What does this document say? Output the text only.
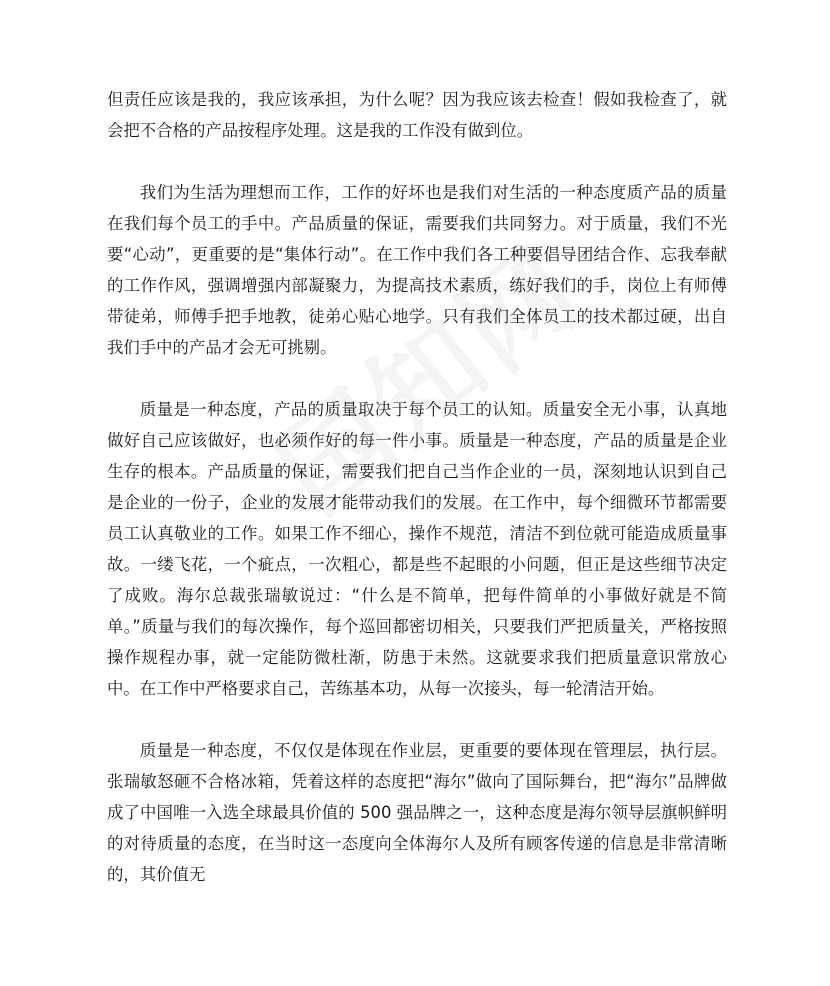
但责任应该是我的，我应该承担，为什么呢？因为我应该去检查！假如我检查了，就会把不合格的产品按程序处理。这是我的工作没有做到位。

我们为生活为理想而工作，工作的好坏也是我们对生活的一种态度质产品的质量在我们每个员工的手中。产品质量的保证，需要我们共同努力。对于质量，我们不光要“心动”，更重要的是“集体行动”。在工作中我们各工种要倡导团结合作、忘我奉献的工作作风，强调增强内部凝聚力，为提高技术素质，练好我们的手，岗位上有师傅带徒弟，师傅手把手地教，徒弟心贴心地学。只有我们全体员工的技术都过硬，出自我们手中的产品才会无可挑剔。

质量是一种态度，产品的质量取决于每个员工的认知。质量安全无小事，认真地做好自己应该做好，也必须作好的每一件小事。质量是一种态度，产品的质量是企业生存的根本。产品质量的保证，需要我们把自己当作企业的一员，深刻地认识到自己是企业的一份子，企业的发展才能带动我们的发展。在工作中，每个细微环节都需要员工认真敬业的工作。如果工作不细心，操作不规范，清洁不到位就可能造成质量事故。一缕飞花，一个疵点，一次粗心，都是些不起眼的小问题，但正是这些细节决定了成败。海尔总裁张瑞敏说过：“什么是不简单，把每件简单的小事做好就是不简单。”质量与我们的每次操作，每个巡回都密切相关，只要我们严把质量关，严格按照操作规程办事，就一定能防微杜渐，防患于未然。这就要求我们把质量意识常放心中。在工作中严格要求自己，苦练基本功，从每一次接头，每一轮清洁开始。

质量是一种态度，不仅仅是体现在作业层，更重要的要体现在管理层，执行层。张瑞敏怒砸不合格冰箱，凭着这样的态度把“海尔”做向了国际舞台，把“海尔”品牌做成了中国唯一入选全球最具价值的 500 强品牌之一，这种态度是海尔领导层旗帜鲜明的对待质量的态度，在当时这一态度向全体海尔人及所有顾客传递的信息是非常清晰的，其价值无
